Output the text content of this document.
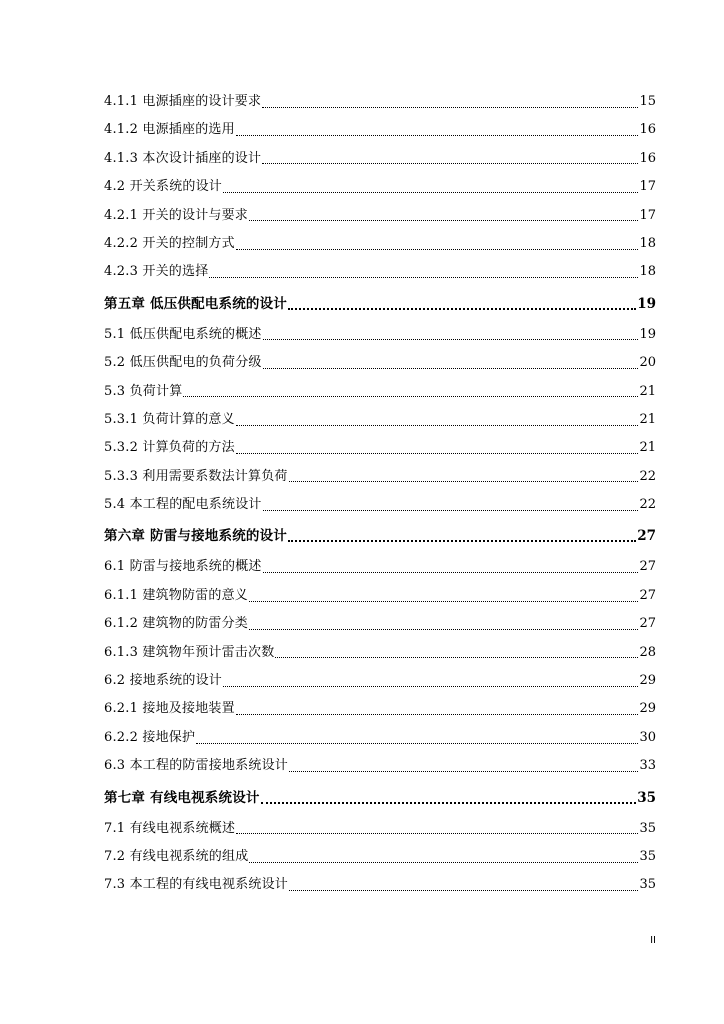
4.1.1 电源插座的设计要求	15
4.1.2 电源插座的选用	16
4.1.3 本次设计插座的设计	16
4.2 开关系统的设计	17
4.2.1 开关的设计与要求	17
4.2.2 开关的控制方式	18
4.2.3 开关的选择	18
第五章 低压供配电系统的设计	19
5.1 低压供配电系统的概述	19
5.2 低压供配电的负荷分级	20
5.3 负荷计算	21
5.3.1 负荷计算的意义	21
5.3.2 计算负荷的方法	21
5.3.3 利用需要系数法计算负荷	22
5.4 本工程的配电系统设计	22
第六章 防雷与接地系统的设计	27
6.1 防雷与接地系统的概述	27
6.1.1 建筑物防雷的意义	27
6.1.2 建筑物的防雷分类	27
6.1.3 建筑物年预计雷击次数	28
6.2 接地系统的设计	29
6.2.1 接地及接地装置	29
6.2.2 接地保护	30
6.3 本工程的防雷接地系统设计	33
第七章 有线电视系统设计	35
7.1 有线电视系统概述	35
7.2 有线电视系统的组成	35
7.3 本工程的有线电视系统设计	35
II
